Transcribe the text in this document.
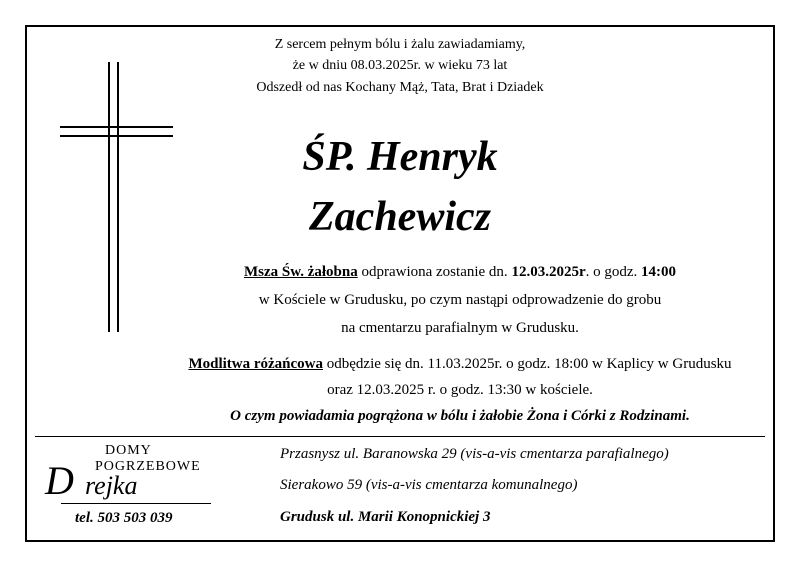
Z sercem pełnym bólu i żalu zawiadamiamy,
że w dniu 08.03.2025r. w wieku 73 lat
Odszedł od nas Kochany Mąż, Tata, Brat i Dziadek
ŚP. Henryk
Zachewicz
Msza Św. żałobna odprawiona zostanie dn. 12.03.2025r. o godz. 14:00
w Kościele w Grudusku, po czym nastąpi odprowadzenie do grobu
na cmentarzu parafialnym w Grudusku.
Modlitwa różańcowa odbędzie się dn. 11.03.2025r. o godz. 18:00 w Kaplicy w Grudusku
oraz 12.03.2025 r. o godz. 13:30 w kościele.
O czym powiadamia pogrążona w bólu i żałobie Żona i Córki z Rodzinami.
DOMY
POGRZEBOWE
D rejka
tel. 503 503 039
Przasnysz ul. Baranowska 29 (vis-a-vis cmentarza parafialnego)
Sierakowo 59 (vis-a-vis cmentarza komunalnego)
Grudusk ul. Marii Konopnickiej 3
